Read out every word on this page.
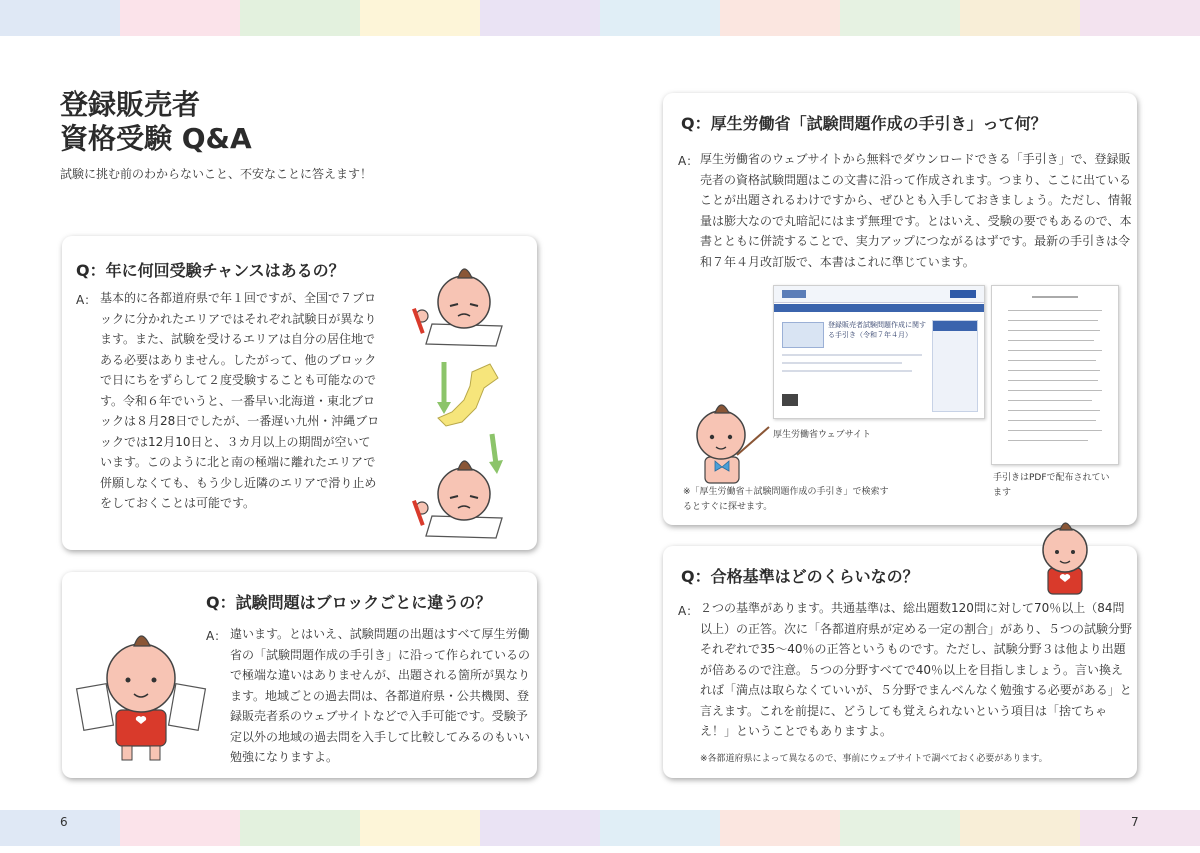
6	7
登録販売者
資格受験 Q&A

試験に挑む前のわからないこと、不安なことに答えます！

Q：年に何回受験チャンスはあるの？

A： 基本的に各都道府県で年１回ですが、全国で７ブロックに分かれたエリアではそれぞれ試験日が異なります。また、試験を受けるエリアは自分の居住地である必要はありません。したがって、他のブロックで日にちをずらして２度受験することも可能なのです。令和６年でいうと、一番早い北海道・東北ブロックは８月28日でしたが、一番遅い九州・沖縄ブロックでは12月10日と、３カ月以上の期間が空いています。このように北と南の極端に離れたエリアで併願しなくても、もう少し近隣のエリアで滑り止めをしておくことは可能です。

Q：試験問題はブロックごとに違うの？

A： 違います。とはいえ、試験問題の出題はすべて厚生労働省の「試験問題作成の手引き」に沿って作られているので極端な違いはありませんが、出題される箇所が異なります。地域ごとの過去問は、各都道府県・公共機関、登録販売者系のウェブサイトなどで入手可能です。受験予定以外の地域の過去問を入手して比較してみるのもいい勉強になりますよ。

Q：厚生労働省「試験問題作成の手引き」って何？

A： 厚生労働省のウェブサイトから無料でダウンロードできる「手引き」で、登録販売者の資格試験問題はこの文書に沿って作成されます。つまり、ここに出ていることが出題されるわけですから、ぜひとも入手しておきましょう。ただし、情報量は膨大なので丸暗記にはまず無理です。とはいえ、受験の要でもあるので、本書とともに併読することで、実力アップにつながるはずです。最新の手引きは令和７年４月改訂版で、本書はこれに準じています。

登録販売者試験問題作成に関する手引き（令和７年４月）

厚生労働省ウェブサイト

手引きはPDFで配布されています

※「厚生労働省＋試験問題作成の手引き」で検索するとすぐに探せます。

Q：合格基準はどのくらいなの？

A： ２つの基準があります。共通基準は、総出題数120問に対して70％以上（84問以上）の正答。次に「各都道府県が定める一定の割合」があり、５つの試験分野それぞれで35〜40％の正答というものです。ただし、試験分野３は他より出題が倍あるので注意。５つの分野すべてで40％以上を目指しましょう。言い換えれば「満点は取らなくていいが、５分野でまんべんなく勉強する必要がある」と言えます。これを前提に、どうしても覚えられないという項目は「捨てちゃえ！」ということでもありますよ。

※各都道府県によって異なるので、事前にウェブサイトで調べておく必要があります。
